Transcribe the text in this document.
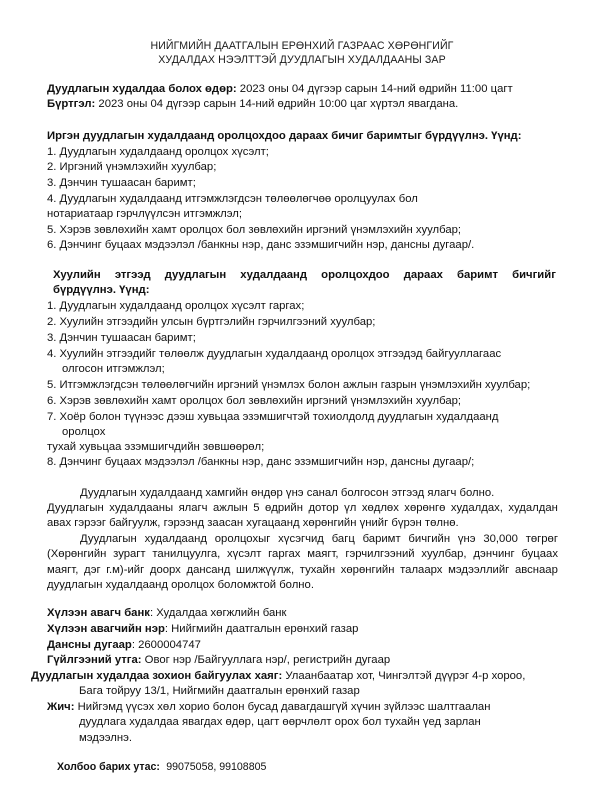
НИЙГМИЙН ДААТГАЛЫН ЕРӨНХИЙ ГАЗРААС ХӨРӨНГИЙГ
ХУДАЛДАХ НЭЭЛТТЭЙ ДУУДЛАГЫН ХУДАЛДААНЫ ЗАР
Дуудлагын худалдаа болох өдөр: 2023 оны 04 дүгээр сарын 14-ний өдрийн 11:00 цагт
Бүртгэл: 2023 оны 04 дүгээр сарын 14-ний өдрийн 10:00 цаг хүртэл явагдана.
Иргэн дуудлагын худалдаанд оролцохдоо дараах бичиг баримтыг бүрдүүлнэ. Үүнд:
1. Дуудлагын худалдаанд оролцох хүсэлт;
2. Иргэний үнэмлэхийн хуулбар;
3. Дэнчин тушаасан баримт;
4. Дуудлагын худалдаанд итгэмжлэгдсэн төлөөлөгчөө оролцуулах бол
нотариатаар гэрчлүүлсэн итгэмжлэл;
5. Хэрэв зөвлөхийн хамт оролцох бол зөвлөхийн иргэний үнэмлэхийн хуулбар;
6. Дэнчинг буцаах мэдээлэл /банкны нэр, данс эзэмшигчийн нэр, дансны дугаар/.
Хуулийн этгээд дуудлагын худалдаанд оролцохдоо дараах баримт бичгийг
бүрдүүлнэ. Үүнд:
1. Дуудлагын худалдаанд оролцох хүсэлт гаргах;
2. Хуулийн этгээдийн улсын бүртгэлийн гэрчилгээний хуулбар;
3. Дэнчин тушаасан баримт;
4. Хуулийн этгээдийг төлөөлж дуудлагын худалдаанд оролцох этгээдэд байгууллагаас
олгосон итгэмжлэл;
5. Итгэмжлэгдсэн төлөөлөгчийн иргэний үнэмлэх болон ажлын газрын үнэмлэхийн хуулбар;
6. Хэрэв зөвлөхийн хамт оролцох бол зөвлөхийн иргэний үнэмлэхийн хуулбар;
7. Хоёр болон түүнээс дээш хувьцаа эзэмшигчтэй тохиолдолд дуудлагын худалдаанд
оролцох
тухай хувьцаа эзэмшигчдийн зөвшөөрөл;
8. Дэнчинг буцаах мэдээлэл /банкны нэр, данс эзэмшигчийн нэр, дансны дугаар/;
Дуудлагын худалдаанд хамгийн өндөр үнэ санал болгосон этгээд ялагч болно.
Дуудлагын худалдааны ялагч ажлын 5 өдрийн дотор үл хөдлөх хөрөнгө худалдах, худалдан
авах гэрээг байгуулж, гэрээнд заасан хугацаанд хөрөнгийн үнийг бүрэн төлнө.
Дуудлагын худалдаанд оролцохыг хүсэгчид багц баримт бичгийн үнэ 30,000 төгрөг
(Хөрөнгийн зурагт танилцуулга, хүсэлт гаргах маягт, гэрчилгээний хуулбар, дэнчинг буцаах
маягт, дэг г.м)-ийг доорх дансанд шилжүүлж, тухайн хөрөнгийн талаарх мэдээллийг авснаар
дуудлагын худалдаанд оролцох боломжтой болно.
Хүлээн авагч банк: Худалдаа хөгжлийн банк
Хүлээн авагчийн нэр: Нийгмийн даатгалын ерөнхий газар
Дансны дугаар: 2600004747
Гүйлгээний утга: Овог нэр /Байгууллага нэр/, регистрийн дугаар
Дуудлагын худалдаа зохион байгуулах хаяг: Улаанбаатар хот, Чингэлтэй дүүрэг 4-р хороо,
Бага тойруу 13/1, Нийгмийн даатгалын ерөнхий газар
Жич: Нийгэмд үүсэх хөл хорио болон бусад давагдашгүй хүчин зүйлээс шалтгаалан
дуудлага худалдаа явагдах өдөр, цагт өөрчлөлт орох бол тухайн үед зарлан
мэдээлнэ.
Холбоо барих утас: 99075058, 99108805
